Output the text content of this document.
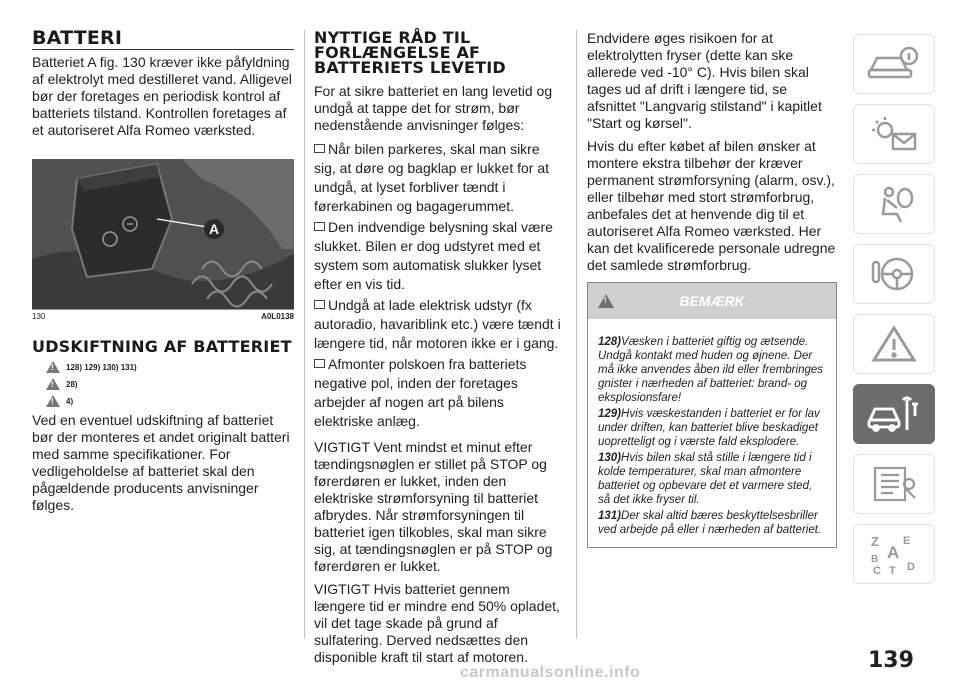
BATTERI

Batteriet A fig. 130 kræver ikke påfyldning af elektrolyt med destilleret vand. Alligevel bør der foretages en periodisk kontrol af batteriets tilstand. Kontrollen foretages af et autoriseret Alfa Romeo værksted.

A
130	A0L0138
UDSKIFTNING AF BATTERIET
!
128) 129) 130) 131)
!
28)
!
4)

Ved en eventuel udskiftning af batteriet bør der monteres et andet originalt batteri med samme specifikationer. For vedligeholdelse af batteriet skal den pågældende producents anvisninger følges.

NYTTIGE RÅD TIL FORLÆNGELSE AF BATTERIETS LEVETID

For at sikre batteriet en lang levetid og undgå at tappe det for strøm, bør nedenstående anvisninger følges:

Når bilen parkeres, skal man sikre sig, at døre og bagklap er lukket for at undgå, at lyset forbliver tændt i førerkabinen og bagagerummet.

Den indvendige belysning skal være slukket. Bilen er dog udstyret med et system som automatisk slukker lyset efter en vis tid.

Undgå at lade elektrisk udstyr (fx autoradio, havariblink etc.) være tændt i længere tid, når motoren ikke er i gang.

Afmonter polskoen fra batteriets negative pol, inden der foretages arbejder af nogen art på bilens elektriske anlæg.

VIGTIGT Vent mindst et minut efter tændingsnøglen er stillet på STOP og førerdøren er lukket, inden den elektriske strømforsyning til batteriet afbrydes. Når strømforsyningen til batteriet igen tilkobles, skal man sikre sig, at tændingsnøglen er på STOP og førerdøren er lukket.

VIGTIGT Hvis batteriet gennem længere tid er mindre end 50% opladet, vil det tage skade på grund af sulfatering. Derved nedsættes den disponible kraft til start af motoren.

Endvidere øges risikoen for at elektrolytten fryser (dette kan ske allerede ved -10° C). Hvis bilen skal tages ud af drift i længere tid, se afsnittet "Langvarig stilstand" i kapitlet "Start og kørsel".

Hvis du efter købet af bilen ønsker at montere ekstra tilbehør der kræver permanent strømforsyning (alarm, osv.), eller tilbehør med stort strømforbrug, anbefales det at henvende dig til et autoriseret Alfa Romeo værksted. Her kan det kvalificerede personale udregne det samlede strømforbrug.

!
BEMÆRK
128)Væsken i batteriet giftig og ætsende. Undgå kontakt med huden og øjnene. Der må ikke anvendes åben ild eller frembringes gnister i nærheden af batteriet: brand- og eksplosionsfare!
129)Hvis væskestanden i batteriet er for lav under driften, kan batteriet blive beskadiget uopretteligt og i værste fald eksplodere.
130)Hvis bilen skal stå stille i længere tid i kolde temperaturer, skal man afmontere batteriet og opbevare det et varmere sted, så det ikke fryser til.
131)Der skal altid bæres beskyttelsesbriller ved arbejde på eller i nærheden af batteriet.
Z E
A
B
C T D
139
carmanualsonline.info
